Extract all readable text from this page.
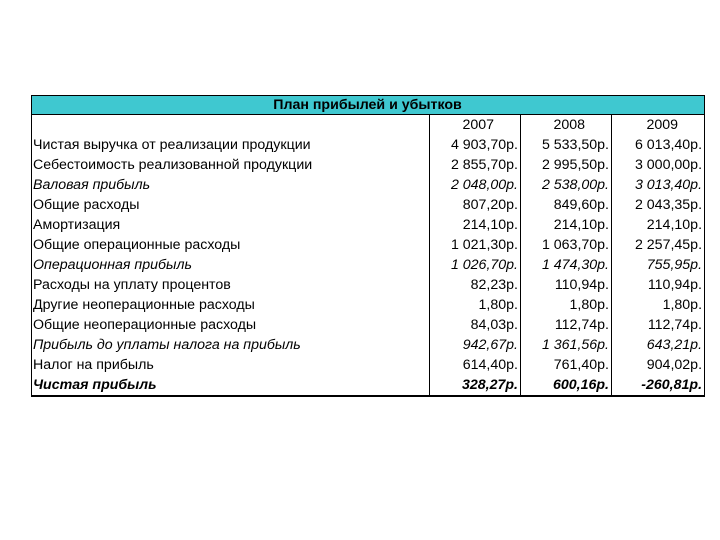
План прибылей и убытков			
	2007	2008	2009
Чистая выручка от реализации продукции	4 903,70р.	5 533,50р.	6 013,40р.
Себестоимость реализованной продукции	2 855,70р.	2 995,50р.	3 000,00р.
Валовая прибыль	2 048,00р.	2 538,00р.	3 013,40р.
Общие расходы	807,20р.	849,60р.	2 043,35р.
Амортизация	214,10р.	214,10р.	214,10р.
Общие операционные расходы	1 021,30р.	1 063,70р.	2 257,45р.
Операционная прибыль	1 026,70р.	1 474,30р.	755,95р.
Расходы на уплату процентов	82,23р.	110,94р.	110,94р.
Другие неоперационные расходы	1,80р.	1,80р.	1,80р.
Общие неоперационные расходы	84,03р.	112,74р.	112,74р.
Прибыль до уплаты налога на прибыль	942,67р.	1 361,56р.	643,21р.
Налог на прибыль	614,40р.	761,40р.	904,02р.
Чистая прибыль	328,27р.	600,16р.	-260,81р.
